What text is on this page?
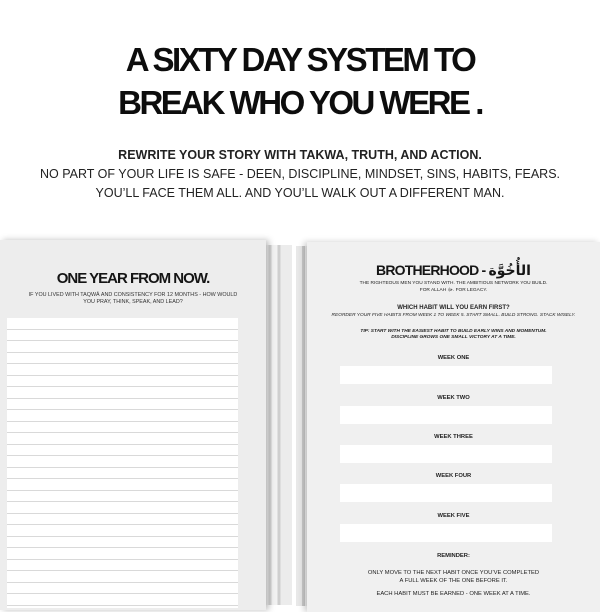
A SIXTY DAY SYSTEM TO
BREAK WHO YOU WERE .
REWRITE YOUR STORY WITH TAKWA, TRUTH, AND ACTION.
NO PART OF YOUR LIFE IS SAFE - DEEN, DISCIPLINE, MINDSET, SINS, HABITS, FEARS.
YOU’LL FACE THEM ALL. AND YOU’LL WALK OUT A DIFFERENT MAN.
ONE YEAR FROM NOW.
IF YOU LIVED WITH TAQWĀ AND CONSISTENCY FOR 12 MONTHS - HOW WOULD YOU PRAY, THINK, SPEAK, AND LEAD?
BROTHERHOOD - الأُخُوَّة
THE RIGHTEOUS MEN YOU STAND WITH. THE AMBITIOUS NETWORK YOU BUILD.
FOR ALLAH ﷻ. FOR LEGACY.
WHICH HABIT WILL YOU EARN FIRST?
REORDER YOUR FIVE HABITS FROM WEEK 1 TO WEEK 5. START SMALL. BUILD STRONG. STACK WISELY.
TIP: START WITH THE EASIEST HABIT TO BUILD EARLY WINS AND MOMENTUM.
DISCIPLINE GROWS ONE SMALL VICTORY AT A TIME.
WEEK ONE
WEEK TWO
WEEK THREE
WEEK FOUR
WEEK FIVE
REMINDER:
ONLY MOVE TO THE NEXT HABIT ONCE YOU’VE COMPLETED
A FULL WEEK OF THE ONE BEFORE IT.
EACH HABIT MUST BE EARNED - ONE WEEK AT A TIME.
